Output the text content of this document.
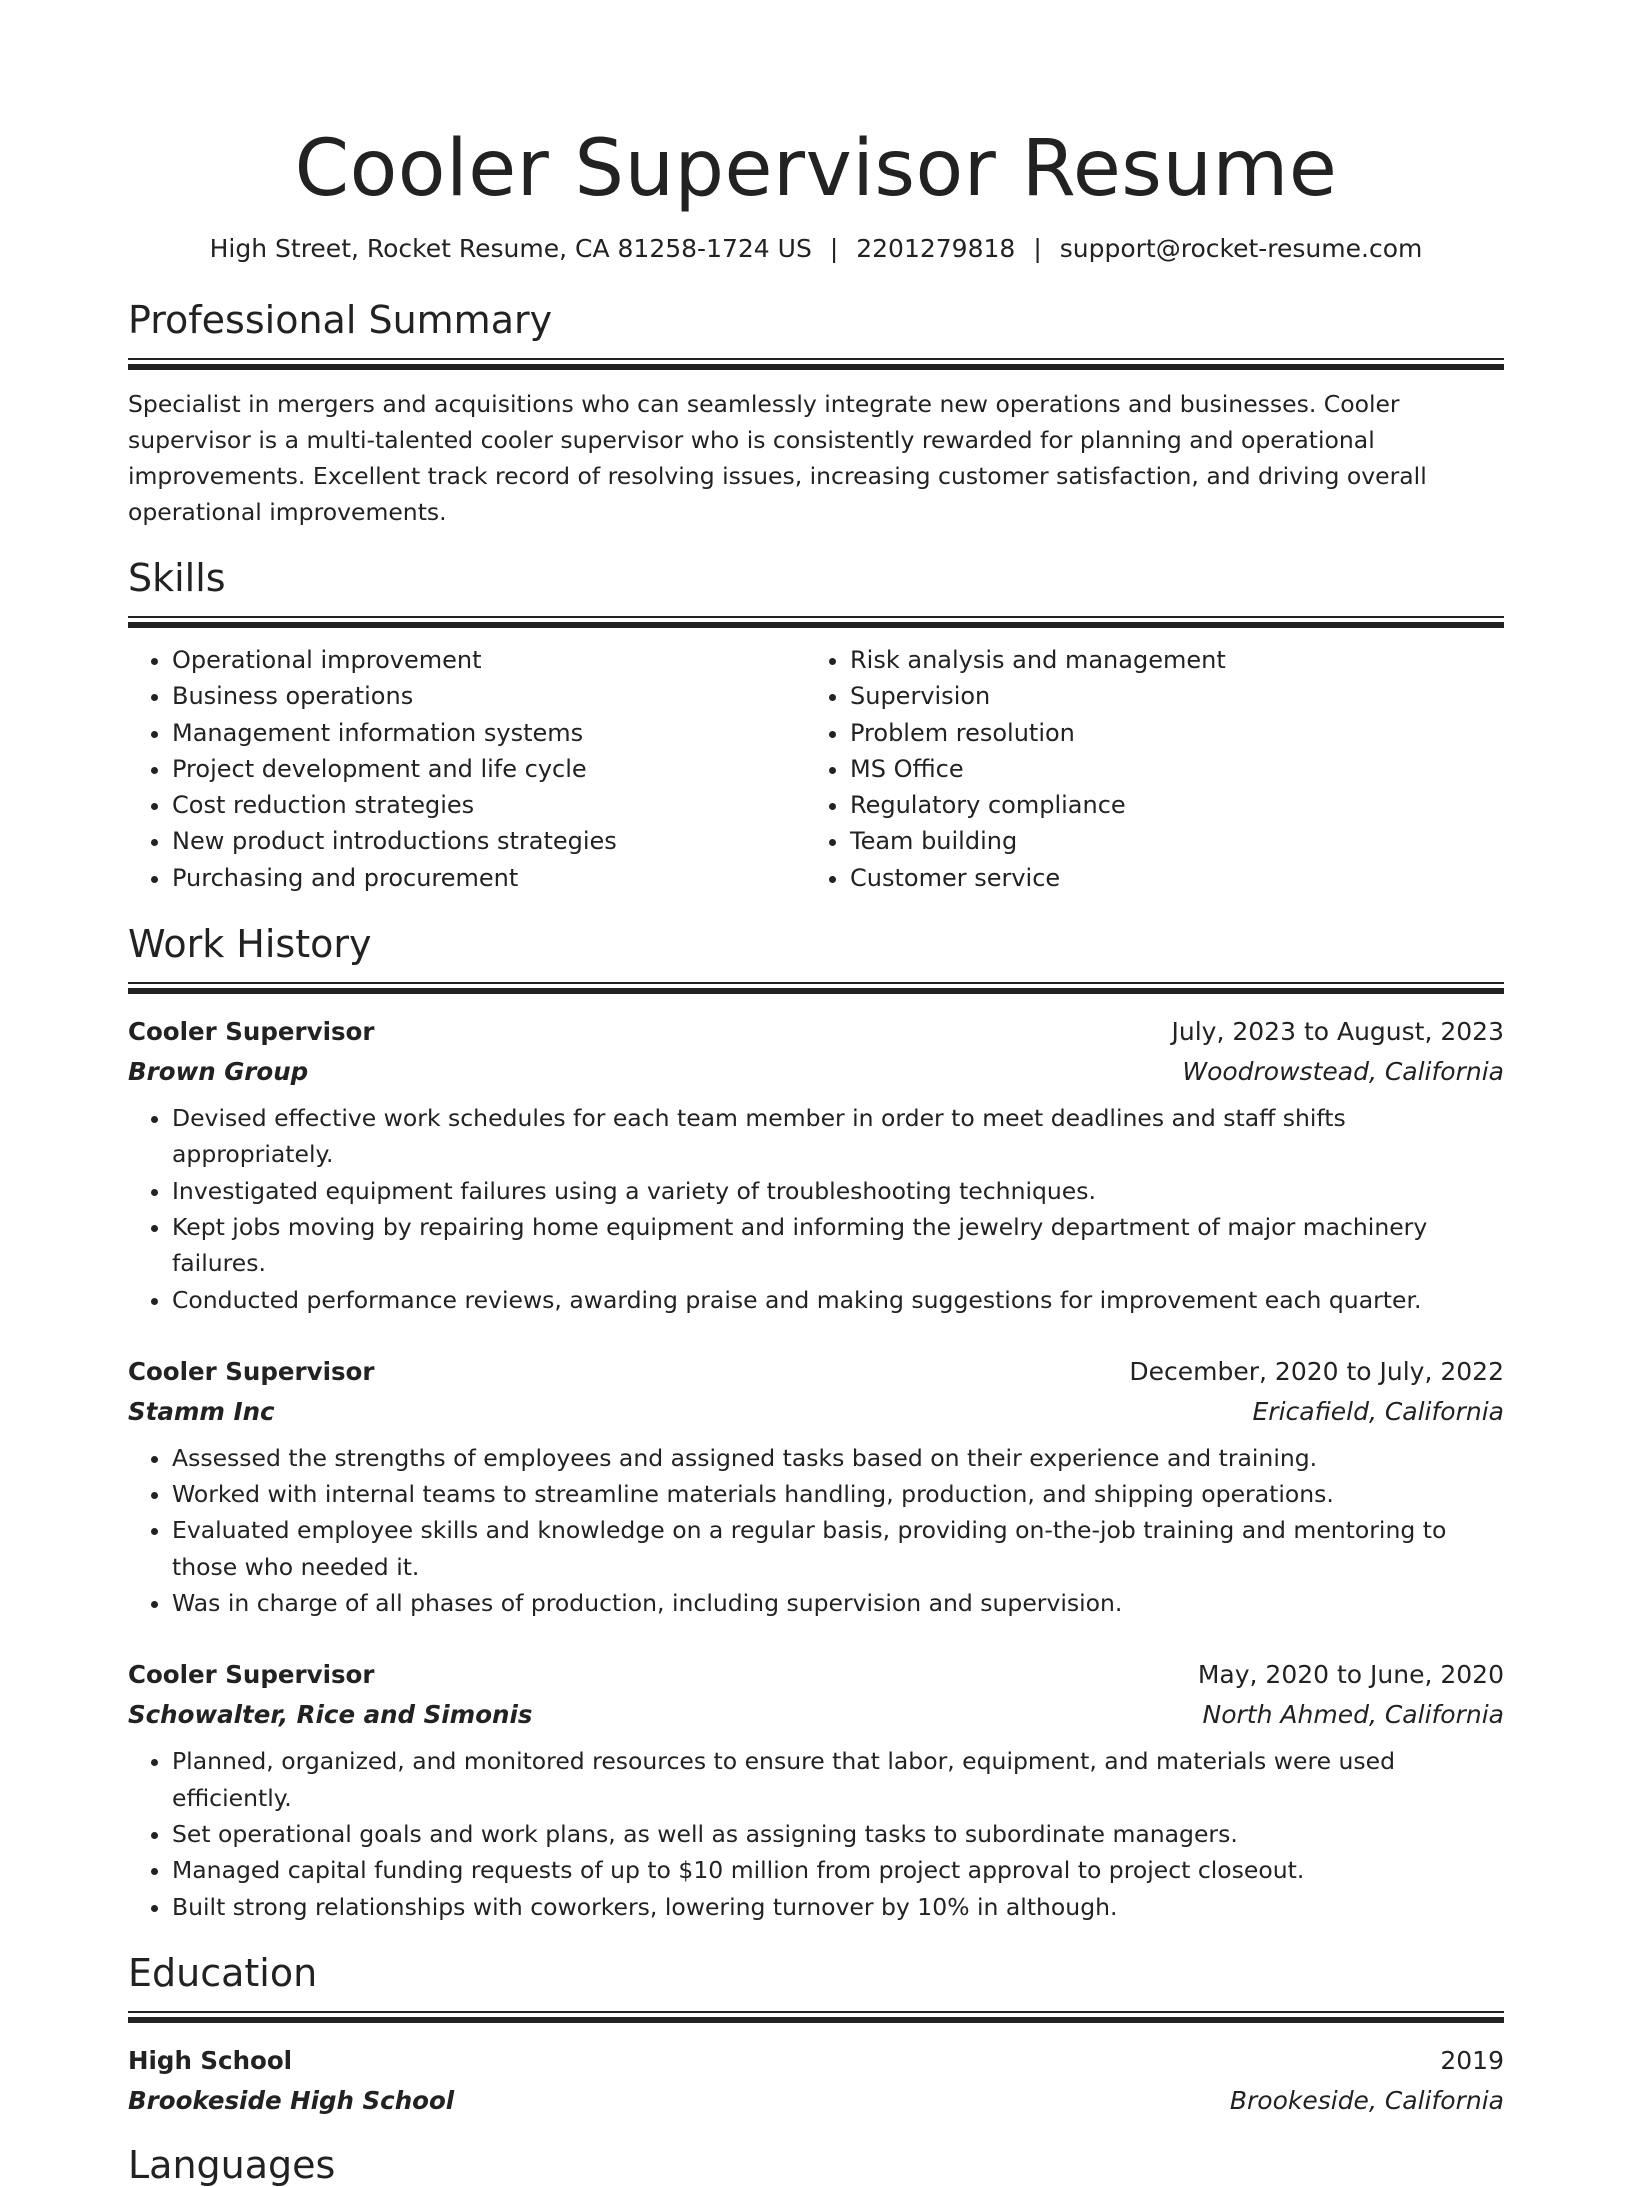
Cooler Supervisor Resume
High Street, Rocket Resume, CA 81258-1724 US | 2201279818 | support@rocket-resume.com
Professional Summary
Specialist in mergers and acquisitions who can seamlessly integrate new operations and businesses. Cooler supervisor is a multi-talented cooler supervisor who is consistently rewarded for planning and operational improvements. Excellent track record of resolving issues, increasing customer satisfaction, and driving overall operational improvements.
Skills
• Operational improvement
• Business operations
• Management information systems
• Project development and life cycle
• Cost reduction strategies
• New product introductions strategies
• Purchasing and procurement
• Risk analysis and management
• Supervision
• Problem resolution
• MS Office
• Regulatory compliance
• Team building
• Customer service
Work History
Cooler Supervisor	July, 2023 to August, 2023
Brown Group	Woodrowstead, California
• Devised effective work schedules for each team member in order to meet deadlines and staff shifts appropriately.
• Investigated equipment failures using a variety of troubleshooting techniques.
• Kept jobs moving by repairing home equipment and informing the jewelry department of major machinery failures.
• Conducted performance reviews, awarding praise and making suggestions for improvement each quarter.
Cooler Supervisor	December, 2020 to July, 2022
Stamm Inc	Ericafield, California
• Assessed the strengths of employees and assigned tasks based on their experience and training.
• Worked with internal teams to streamline materials handling, production, and shipping operations.
• Evaluated employee skills and knowledge on a regular basis, providing on-the-job training and mentoring to those who needed it.
• Was in charge of all phases of production, including supervision and supervision.
Cooler Supervisor	May, 2020 to June, 2020
Schowalter, Rice and Simonis	North Ahmed, California
• Planned, organized, and monitored resources to ensure that labor, equipment, and materials were used efficiently.
• Set operational goals and work plans, as well as assigning tasks to subordinate managers.
• Managed capital funding requests of up to $10 million from project approval to project closeout.
• Built strong relationships with coworkers, lowering turnover by 10% in although.
Education
High School	2019
Brookeside High School	Brookeside, California
Languages
